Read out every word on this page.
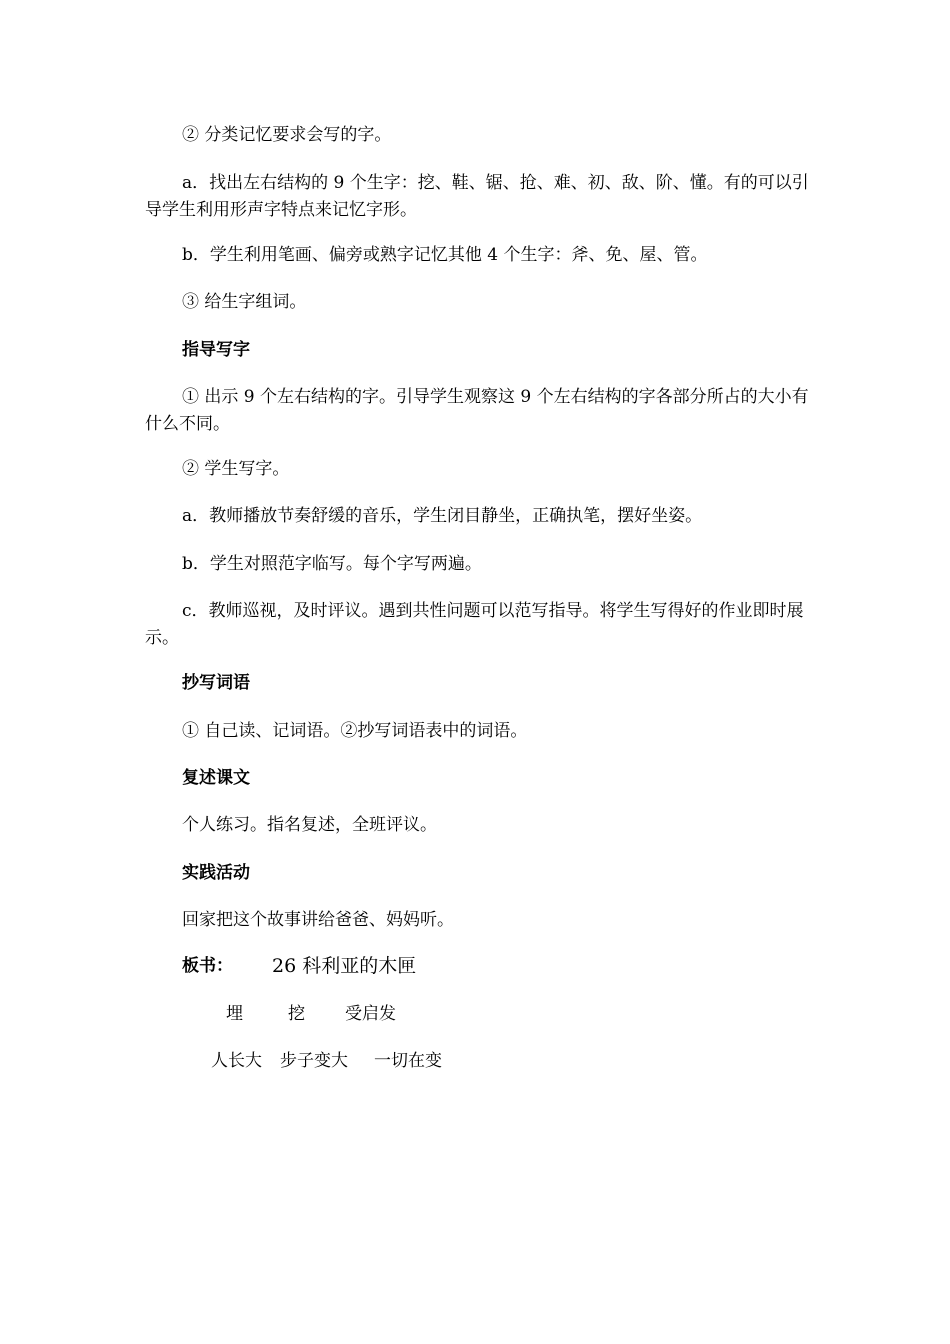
② 分类记忆要求会写的字。
a．找出左右结构的 9 个生字：挖、鞋、锯、抢、难、初、敌、阶、懂。有的可以引导学生利用形声字特点来记忆字形。
b．学生利用笔画、偏旁或熟字记忆其他 4 个生字：斧、免、屋、管。
③ 给生字组词。
指导写字
① 出示 9 个左右结构的字。引导学生观察这 9 个左右结构的字各部分所占的大小有什么不同。
② 学生写字。
a．教师播放节奏舒缓的音乐，学生闭目静坐，正确执笔，摆好坐姿。
b．学生对照范字临写。每个字写两遍。
c．教师巡视，及时评议。遇到共性问题可以范写指导。将学生写得好的作业即时展示。
抄写词语
① 自己读、记词语。②抄写词语表中的词语。
复述课文
个人练习。指名复述，全班评议。
实践活动
回家把这个故事讲给爸爸、妈妈听。
板书： 26 科利亚的木匣
埋	挖 受启发
人长大 步子变大 一切在变
